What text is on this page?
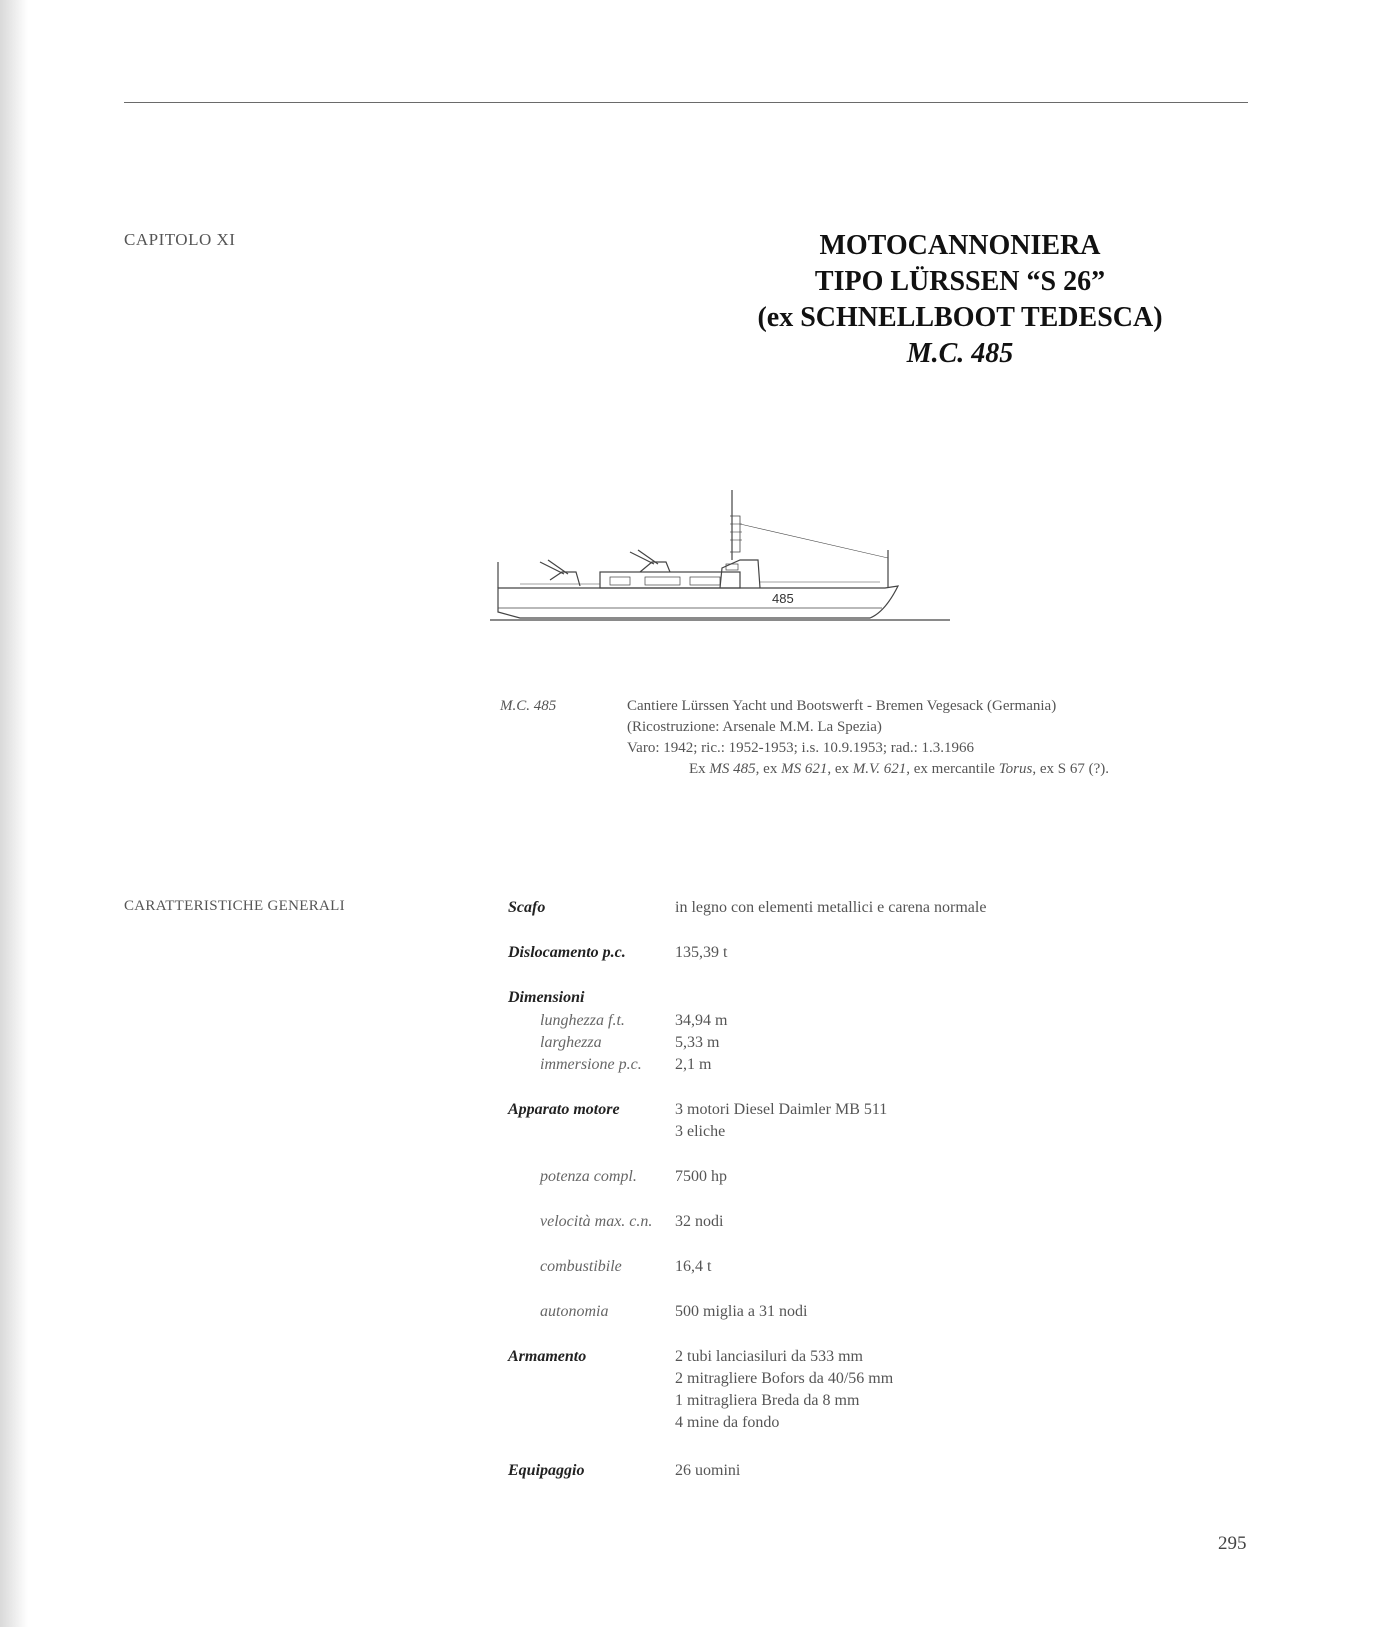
CAPITOLO XI	MOTOCANNONIERA
TIPO LÜRSSEN “S 26”
(ex SCHNELLBOOT TEDESCA)
M.C. 485
485
M.C. 485	Cantiere Lürssen Yacht und Bootswerft - Bremen Vegesack (Germania)
(Ricostruzione: Arsenale M.M. La Spezia)
Varo: 1942; ric.: 1952-1953; i.s. 10.9.1953; rad.: 1.3.1966
Ex MS 485, ex MS 621, ex M.V. 621, ex mercantile Torus, ex S 67 (?).
CARATTERISTICHE GENERALI	Scafo	in legno con elementi metallici e carena normale
Dislocamento p.c.	135,39 t
Dimensioni
lunghezza f.t.	34,94 m
larghezza	5,33 m
immersione p.c. 2,1 m
Apparato motore	3 motori Diesel Daimler MB 511
3 eliche
potenza compl. 7500 hp
velocità max. c.n. 32 nodi
combustibile	16,4 t
autonomia	500 miglia a 31 nodi
Armamento	2 tubi lanciasiluri da 533 mm
2 mitragliere Bofors da 40/56 mm
1 mitragliera Breda da 8 mm
4 mine da fondo
Equipaggio	26 uomini
295
